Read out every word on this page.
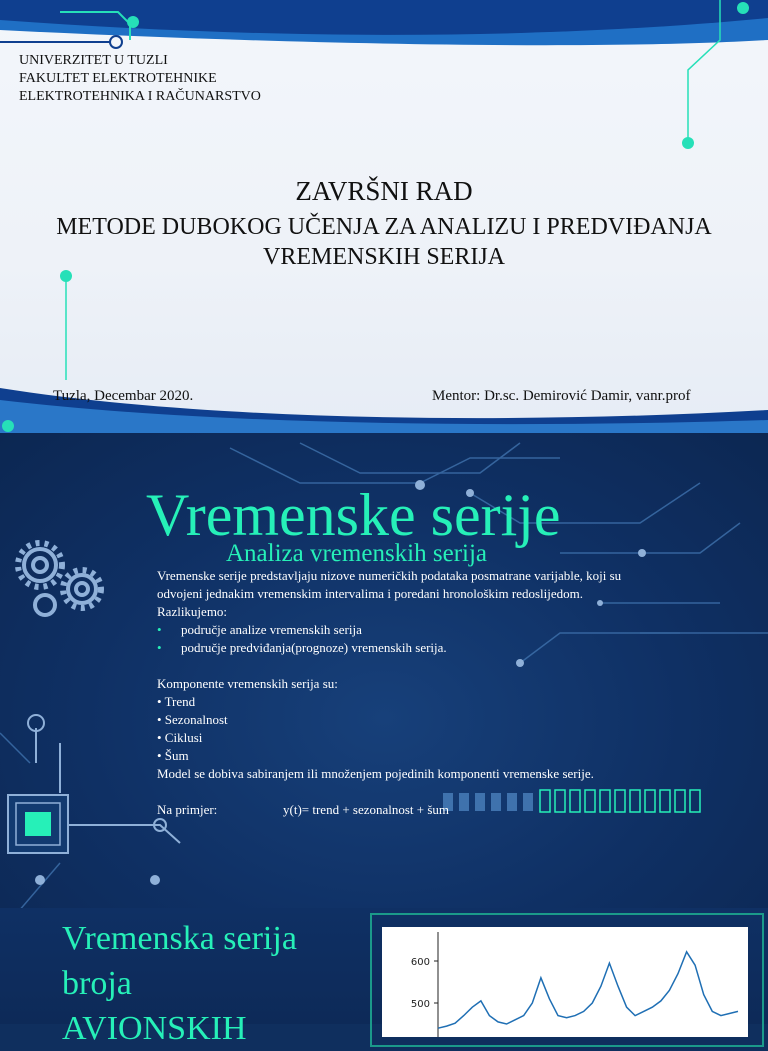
UNIVERZITET U TUZLI
FAKULTET ELEKTROTEHNIKE
ELEKTROTEHNIKA I RAČUNARSTVO
ZAVRŠNI RAD
METODE DUBOKOG UČENJA ZA ANALIZU I PREDVIĐANJA
VREMENSKIH SERIJA
Tuzla, Decembar 2020.	Mentor: Dr.sc. Demirović Damir, vanr.prof
Vremenske serije
Analiza vremenskih serija

Vremenske serije predstavljaju nizove numeričkih podataka posmatrane varijable, koji su odvojeni jednakim vremenskim intervalima i poredani hronološkim redoslijedom.

Razlikujemo:

• područje analize vremenskih serija

• područje predviđanja(prognoze) vremenskih serija.

Komponente vremenskih serija su:

• Trend

• Sezonalnost

• Ciklusi

• Šum

Model se dobiva sabiranjem ili množenjem pojedinih komponenti vremenske serije.

Na primjer:	y(t)= trend + sezonalnost + šum

Vremenska serija
broja
AVIONSKIH
500
600
